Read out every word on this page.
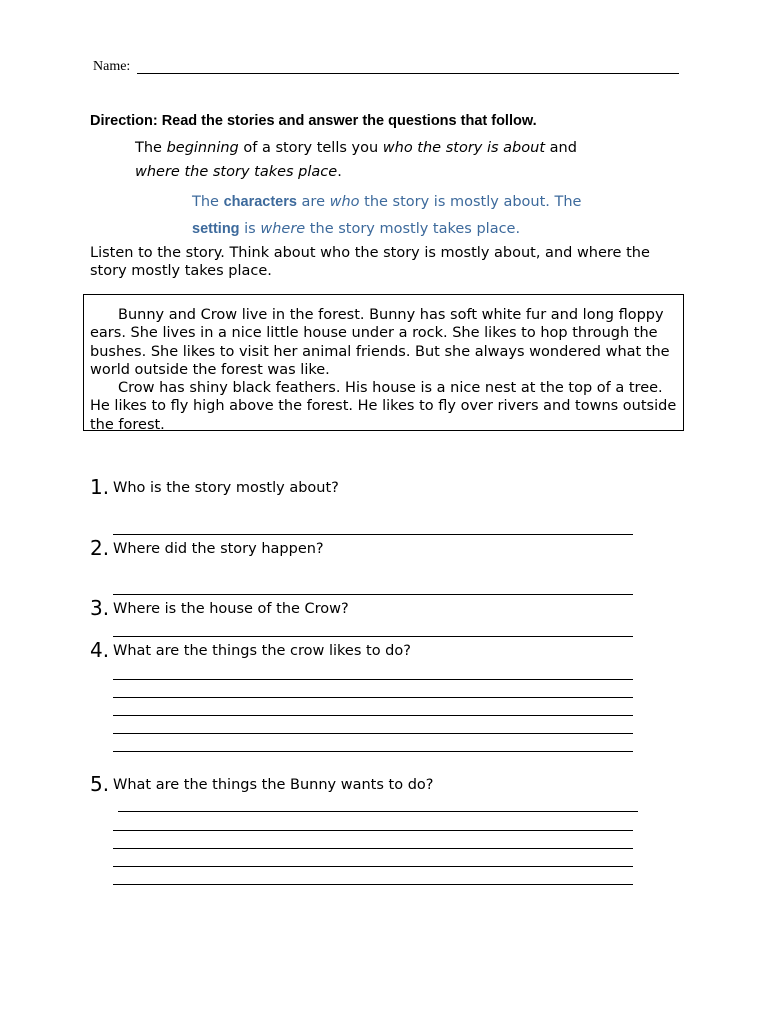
Name:
Direction: Read the stories and answer the questions that follow.
The beginning of a story tells you who the story is about and
where the story takes place.
The characters are who the story is mostly about. The
setting is where the story mostly takes place.
Listen to the story. Think about who the story is mostly about, and where the story mostly takes place.

Bunny and Crow live in the forest. Bunny has soft white fur and long floppy ears. She lives in a nice little house under a rock. She likes to hop through the bushes. She likes to visit her animal friends. But she always wondered what the world outside the forest was like.

Crow has shiny black feathers. His house is a nice nest at the top of a tree. He likes to fly high above the forest. He likes to fly over rivers and towns outside the forest.

1. Who is the story mostly about?
2. Where did the story happen?
3. Where is the house of the Crow?
4. What are the things the crow likes to do?
5. What are the things the Bunny wants to do?
